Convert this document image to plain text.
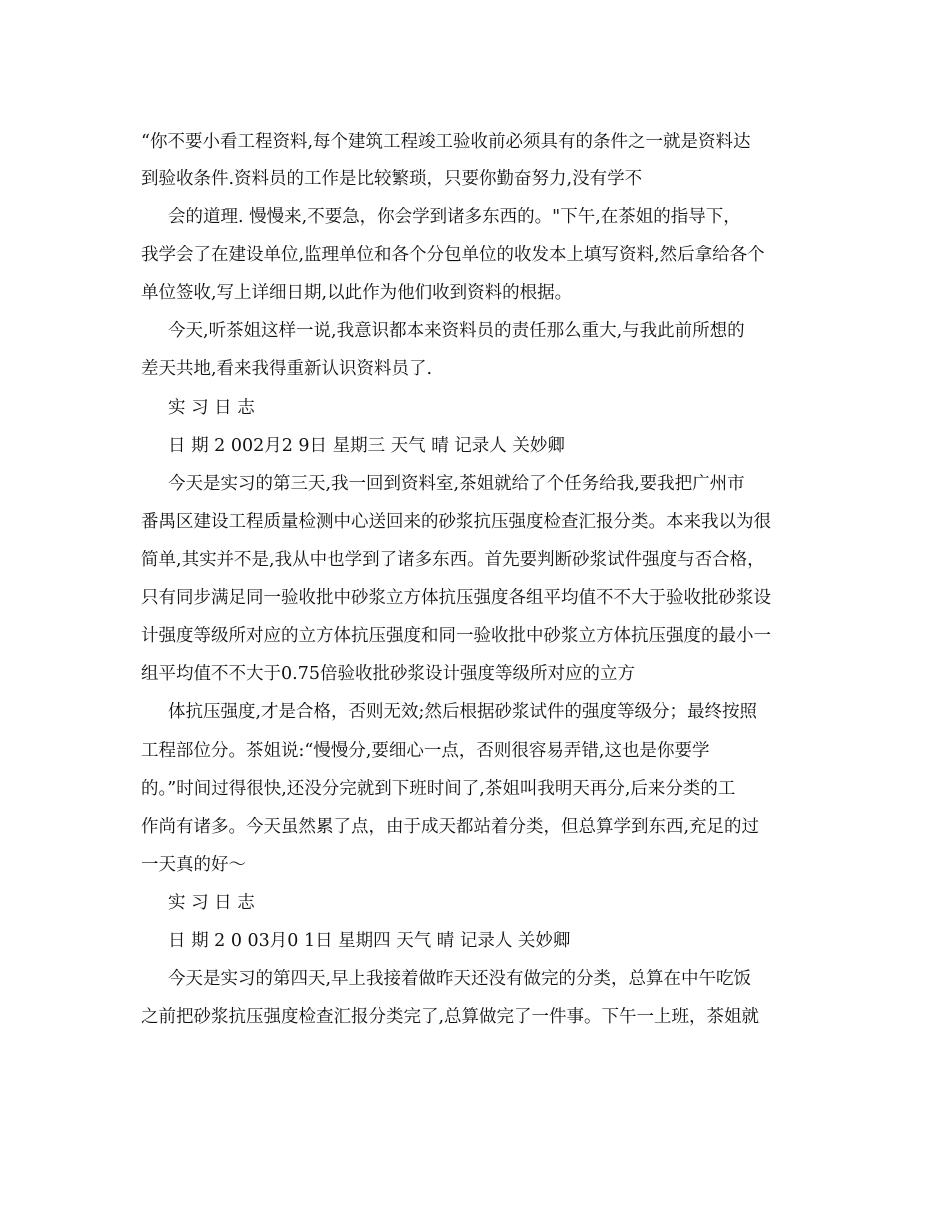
“你不要小看工程资料,每个建筑工程竣工验收前必须具有的条件之一就是资料达
到验收条件.资料员的工作是比较繁琐，只要你勤奋努力,没有学不
会的道理. 慢慢来,不要急，你会学到诸多东西的。"下午,在茶姐的指导下，
我学会了在建设单位,监理单位和各个分包单位的收发本上填写资料,然后拿给各个
单位签收,写上详细日期,以此作为他们收到资料的根据。
今天,听茶姐这样一说,我意识都本来资料员的责任那么重大,与我此前所想的
差天共地,看来我得重新认识资料员了.
实 习 日 志
日 期 2 002月2 9日 星期三 天气 晴 记录人 关妙卿
今天是实习的第三天,我一回到资料室,茶姐就给了个任务给我,要我把广州市
番禺区建设工程质量检测中心送回来的砂浆抗压强度检查汇报分类。本来我以为很
简单,其实并不是,我从中也学到了诸多东西。首先要判断砂浆试件强度与否合格，
只有同步满足同一验收批中砂浆立方体抗压强度各组平均值不不大于验收批砂浆设
计强度等级所对应的立方体抗压强度和同一验收批中砂浆立方体抗压强度的最小一
组平均值不不大于0.75倍验收批砂浆设计强度等级所对应的立方
体抗压强度,才是合格，否则无效;然后根据砂浆试件的强度等级分；最终按照
工程部位分。茶姐说:“慢慢分,要细心一点，否则很容易弄错,这也是你要学
的。”时间过得很快,还没分完就到下班时间了,茶姐叫我明天再分,后来分类的工
作尚有诸多。今天虽然累了点，由于成天都站着分类，但总算学到东西,充足的过
一天真的好～
实 习 日 志
日 期 2 0 03月0 1日 星期四 天气 晴 记录人 关妙卿
今天是实习的第四天,早上我接着做昨天还没有做完的分类，总算在中午吃饭
之前把砂浆抗压强度检查汇报分类完了,总算做完了一件事。下午一上班，茶姐就
